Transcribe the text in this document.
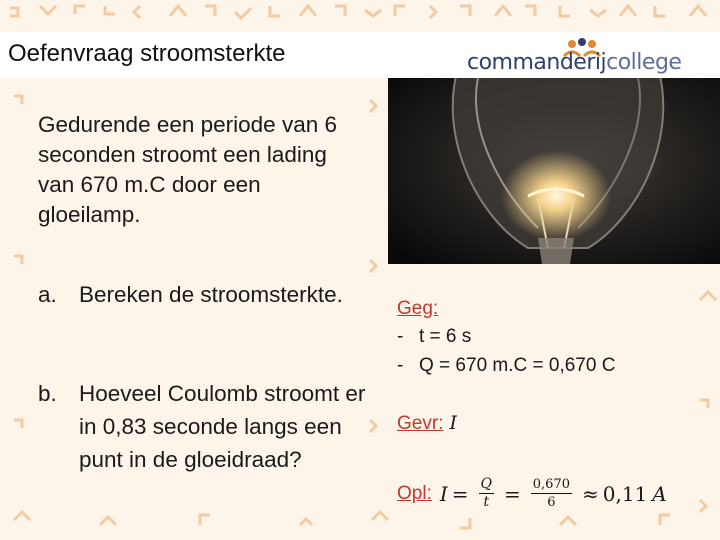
Oefenvraag stroomsterkte	commanderijcollege

Gedurende een periode van 6 seconden stroomt een lading van 670 m.C door een gloeilamp.

a. Bereken de stroomsterkte.
b. Hoeveel Coulomb stroomt er in 0,83 seconde langs een punt in de gloeidraad?
Geg:
- t = 6 s
- Q = 670 m.C = 0,670 C
Gevr: I
Opl: $I = \frac{Q}{t} = \frac{0,670}{6} \approx 0,11$ A
